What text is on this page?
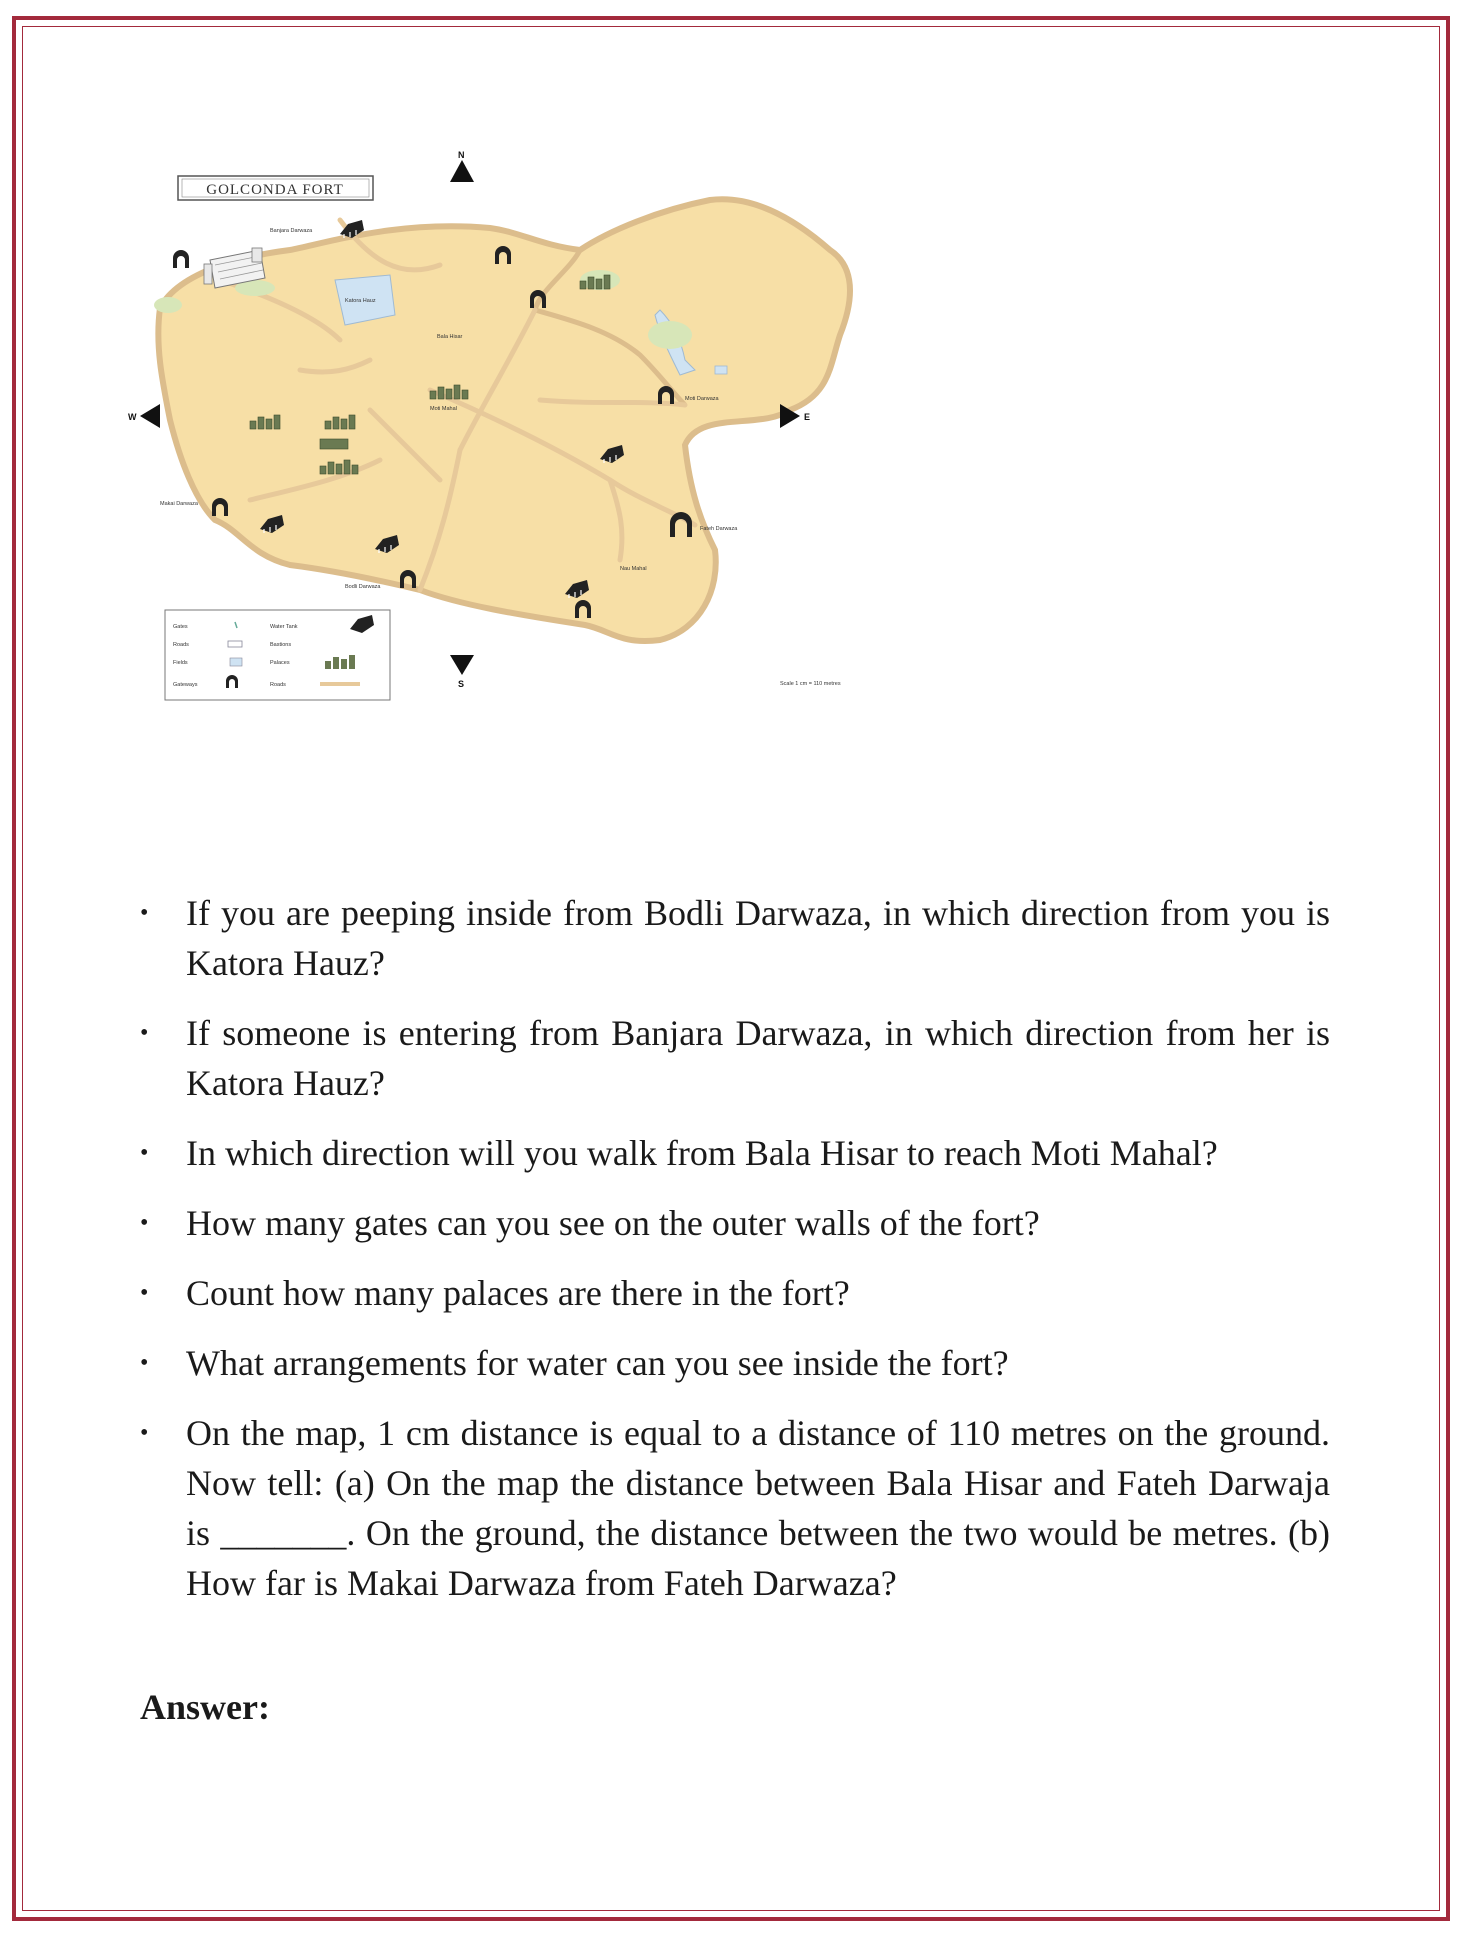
GOLCONDA FORT
Bala Hisar
Moti Mahal
Moti Darwaza
Fateh Darwaza
Makai Darwaza
Bodli Darwaza
Banjara Darwaza
Katora Hauz
Nau Mahal
N
S
W	E
Gates
Roads
Fields
Gateways
Water Tank
Bastions
Palaces
Roads	Scale 1 cm = 110 metres
• If you are peeping inside from Bodli Darwaza, in which direction from you is Katora Hauz?
• If someone is entering from Banjara Darwaza, in which direction from her is Katora Hauz?
• In which direction will you walk from Bala Hisar to reach Moti Mahal?
• How many gates can you see on the outer walls of the fort?
• Count how many palaces are there in the fort?
• What arrangements for water can you see inside the fort?
• On the map, 1 cm distance is equal to a distance of 110 metres on the ground. Now tell: (a) On the map the distance between Bala Hisar and Fateh Darwaja is _______. On the ground, the distance between the two would be metres. (b) How far is Makai Darwaza from Fateh Darwaza?

Answer:
